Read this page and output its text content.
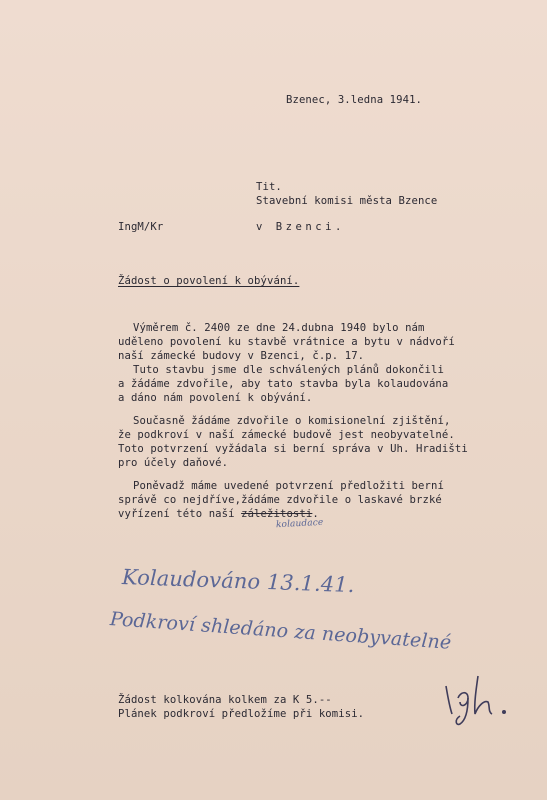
Bzenec, 3.ledna 1941.
Tit.
Stavební komisi města Bzence
IngM/Kr	v Bzenci.
Žádost o povolení k obývání.
Výměrem č. 2400 ze dne 24.dubna 1940 bylo nám
uděleno povolení ku stavbě vrátnice a bytu v nádvoří
naší zámecké budovy v Bzenci, č.p. 17.
Tuto stavbu jsme dle schválených plánů dokončili
a žádáme zdvořile, aby tato stavba byla kolaudována
a dáno nám povolení k obývání.
Současně žádáme zdvořile o komisionelní zjištění,
že podkroví v naší zámecké budově jest neobyvatelné.
Toto potvrzení vyžádala si berní správa v Uh. Hradišti
pro účely daňové.
Poněvadž máme uvedené potvrzení předložiti berní
správě co nejdříve,žádáme zdvořile o laskavé brzké
vyřízení této naší záležitosti.
kolaudace
Kolaudováno 13.1.41.
Podkroví shledáno za neobyvatelné
Žádost kolkována kolkem za K 5.--
Plánek podkroví předložíme při komisi.
